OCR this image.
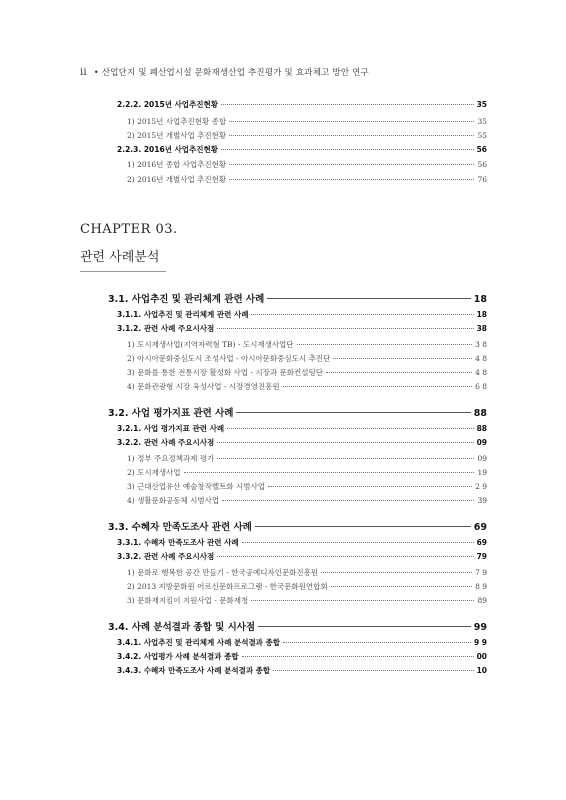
ii • 산업단지 및 폐산업시설 문화재생산업 추진평가 및 효과체고 방안 연구
2.2.2. 2015년 사업추진현황	35
1) 2015년 사업추진현황 종합	35
2) 2015년 개별사업 추진현황	55
2.2.3. 2016년 사업추진현황	56
1) 2016년 종합 사업추진현황	56
2) 2016년 개별사업 추진현황	76
CHAPTER 03.
관련 사례분석
3.1. 사업추진 및 관리체계 관련 사례	18
3.1.1. 사업추진 및 관리체계 관련 사례	18
3.1.2. 관련 사례 주요시사점	38
1) 도시재생사업(지역자력형 TB) - 도시재생사업단	3 8
2) 아시아문화중심도시 조성사업 - 아시아문화중심도시 추진단	4 8
3) 문화를 통한 전통시장 활성화 사업 - 시장과 문화컨설팅단	4 8
4) 문화관광형 시장 육성사업 - 시장경영진흥원	6 8
3.2. 사업 평가지표 관련 사례	88
3.2.1. 사업 평가지표 관련 사례	88
3.2.2. 관련 사례 주요시사점	09
1) 정부 주요정책과제 평가	09
2) 도시재생사업	19
3) 근대산업유산 예술창작벨트화 시범사업	2 9
4) 생활문화공동체 시범사업	39
3.3. 수혜자 만족도조사 관련 사례	69
3.3.1. 수혜자 만족도조사 관련 사례	69
3.3.2. 관련 사례 주요시사점	79
1) 문화로 행복한 공간 만들기 - 한국공예디자인문화진흥원	7 9
2) 2013 지방문화원 어르신문화프로그램 - 한국문화원연합회	8 9
3) 문화재지킴이 지원사업 - 문화재청	89
3.4. 사례 분석결과 종합 및 시사점	99
3.4.1. 사업추진 및 관리체계 사례 분석결과 종합	9 9
3.4.2. 사업평가 사례 분석결과 종합	00
3.4.3. 수혜자 만족도조사 사례 분석결과 종합	10
